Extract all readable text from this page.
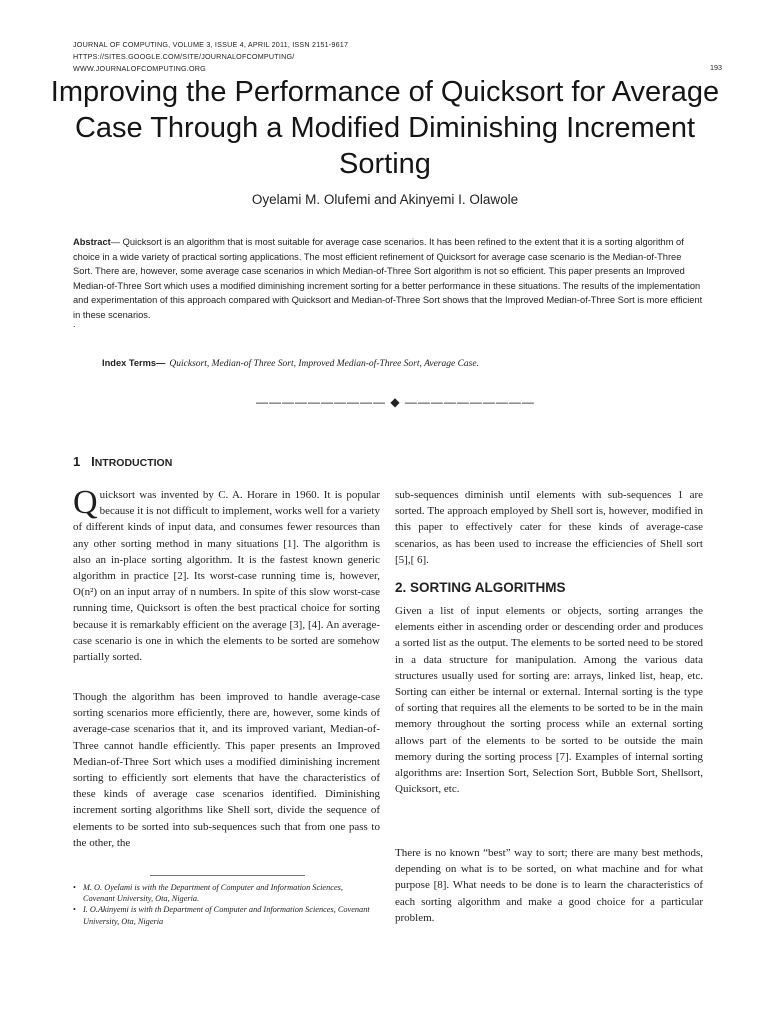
JOURNAL OF COMPUTING, VOLUME 3, ISSUE 4, APRIL 2011, ISSN 2151-9617
HTTPS://SITES.GOOGLE.COM/SITE/JOURNALOFCOMPUTING/
WWW.JOURNALOFCOMPUTING.ORG	193
Improving the Performance of Quicksort for Average Case Through a Modified Diminishing Increment Sorting
Oyelami M. Olufemi and Akinyemi I. Olawole
Abstract— Quicksort is an algorithm that is most suitable for average case scenarios. It has been refined to the extent that it is a sorting algorithm of choice in a wide variety of practical sorting applications. The most efficient refinement of Quicksort for average case scenario is the Median-of-Three Sort. There are, however, some average case scenarios in which Median-of-Three Sort algorithm is not so efficient. This paper presents an Improved Median-of-Three Sort which uses a modified diminishing increment sorting for a better performance in these situations. The results of the implementation and experimentation of this approach compared with Quicksort and Median-of-Three Sort shows that the Improved Median-of-Three Sort is more efficient in these scenarios.
.
Index Terms— Quicksort, Median-of Three Sort, Improved Median-of-Three Sort, Average Case.
—————————— ◆ ——————————
1 INTRODUCTION

Quicksort was invented by C. A. Horare in 1960. It is popular because it is not difficult to implement, works well for a variety of different kinds of input data, and consumes fewer resources than any other sorting method in many situations [1]. The algorithm is also an in-place sorting algorithm. It is the fastest known generic algorithm in practice [2]. Its worst-case running time is, however, O(n²) on an input array of n numbers. In spite of this slow worst-case running time, Quicksort is often the best practical choice for sorting because it is remarkably efficient on the average [3], [4]. An average-case scenario is one in which the elements to be sorted are somehow partially sorted.

Though the algorithm has been improved to handle average-case sorting scenarios more efficiently, there are, however, some kinds of average-case scenarios that it, and its improved variant, Median-of-Three cannot handle efficiently. This paper presents an Improved Median-of-Three Sort which uses a modified diminishing increment sorting to efficiently sort elements that have the characteristics of these kinds of average case scenarios identified. Diminishing increment sorting algorithms like Shell sort, divide the sequence of elements to be sorted into sub-sequences such that from one pass to the other, the

sub-sequences diminish until elements with sub-sequences 1 are sorted. The approach employed by Shell sort is, however, modified in this paper to effectively cater for these kinds of average-case scenarios, as has been used to increase the efficiencies of Shell sort [5],[ 6].

2. SORTING ALGORITHMS

Given a list of input elements or objects, sorting arranges the elements either in ascending order or descending order and produces a sorted list as the output. The elements to be sorted need to be stored in a data structure for manipulation. Among the various data structures usually used for sorting are: arrays, linked list, heap, etc. Sorting can either be internal or external. Internal sorting is the type of sorting that requires all the elements to be sorted to be in the main memory throughout the sorting process while an external sorting allows part of the elements to be sorted to be outside the main memory during the sorting process [7]. Examples of internal sorting algorithms are: Insertion Sort, Selection Sort, Bubble Sort, Shellsort, Quicksort, etc.

There is no known “best” way to sort; there are many best methods, depending on what is to be sorted, on what machine and for what purpose [8]. What needs to be done is to learn the characteristics of each sorting algorithm and make a good choice for a particular problem.

• M. O. Oyelami is with the Department of Computer and Information Sciences, Covenant University, Ota, Nigeria.
• I. O.Akinyemi is with th Department of Computer and Information Sciences, Covenant University, Ota, Nigeria
